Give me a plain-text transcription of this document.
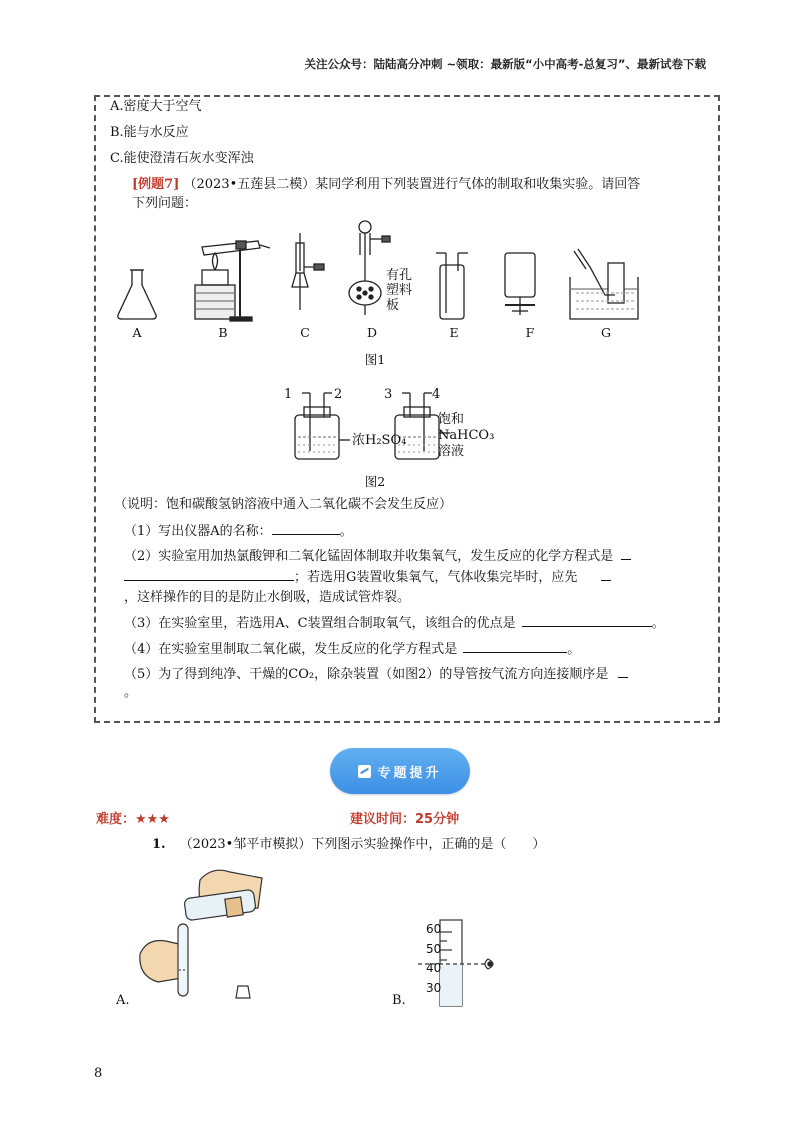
关注公众号：陆陆高分冲刺 ~领取：最新版“小中高考-总复习”、最新试卷下载
A.密度大于空气
B.能与水反应
C.能使澄清石灰水变浑浊
[例题7] （2023•五莲县二模）某同学利用下列装置进行气体的制取和收集实验。请回答
下列问题：
有孔
塑料
板
A	B	C	D	E	F	G
图1
1	2	3	4
浓H₂SO₄
饱和
NaHCO₃
溶液
图2
（说明：饱和碳酸氢钠溶液中通入二氧化碳不会发生反应）
（1）写出仪器A的名称：	。
（2）实验室用加热氯酸钾和二氧化锰固体制取并收集氧气，发生反应的化学方程式是
；若选用G装置收集氧气，气体收集完毕时，应先
，这样操作的目的是防止水倒吸，造成试管炸裂。
（3）在实验室里，若选用A、C装置组合制取氧气，该组合的优点是	。
（4）在实验室里制取二氧化碳，发生反应的化学方程式是	。
（5）为了得到纯净、干燥的CO₂，除杂装置（如图2）的导管按气流方向连接顺序是
。
专题提升
难度：★★★	建议时间：25分钟
1. （2023•邹平市模拟）下列图示实验操作中，正确的是（　　）
A.
60
50
40
30
B.
8
